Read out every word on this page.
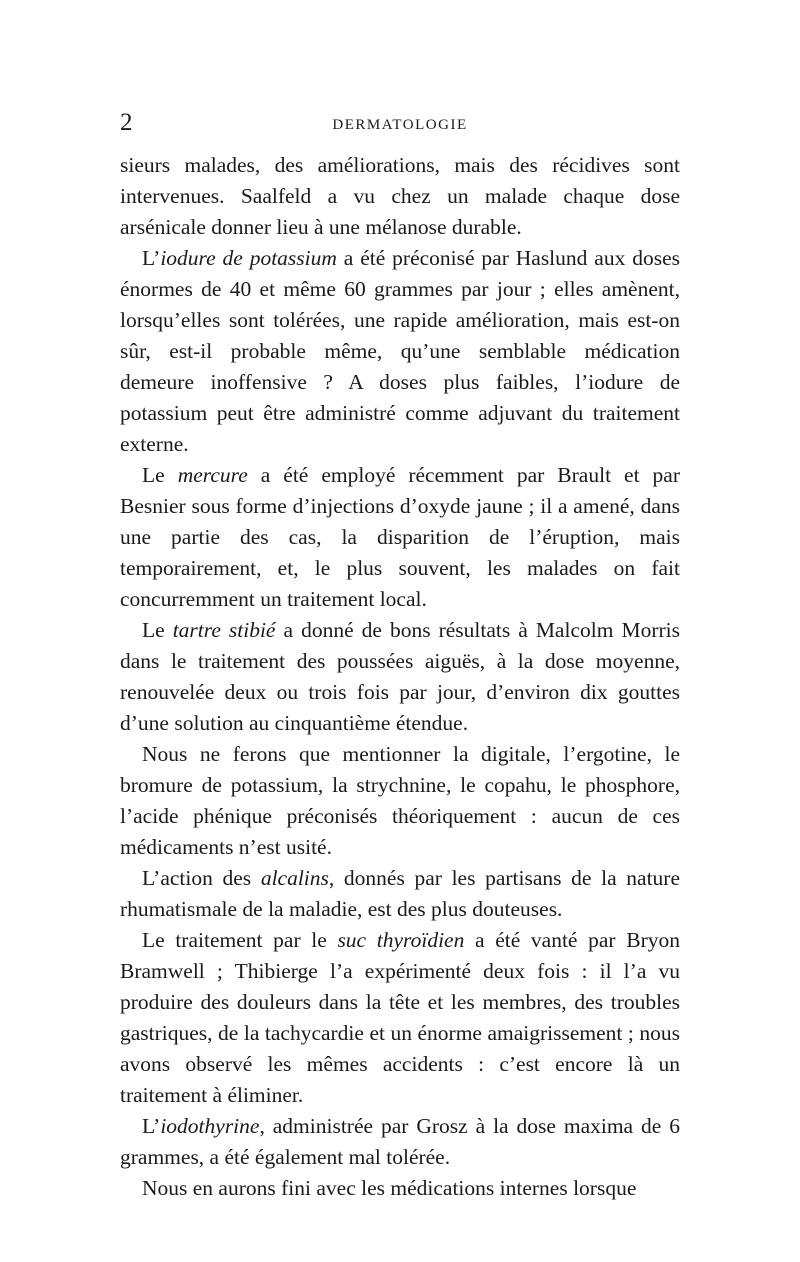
2	DERMATOLOGIE

sieurs malades, des améliorations, mais des récidives sont intervenues. Saalfeld a vu chez un malade chaque dose arsénicale donner lieu à une mélanose durable.

L’iodure de potassium a été préconisé par Haslund aux doses énormes de 40 et même 60 grammes par jour ; elles amènent, lorsqu’elles sont tolérées, une rapide amélioration, mais est-on sûr, est-il probable même, qu’une semblable médication demeure inoffensive ? A doses plus faibles, l’iodure de potassium peut être administré comme adjuvant du traitement externe.

Le mercure a été employé récemment par Brault et par Besnier sous forme d’injections d’oxyde jaune ; il a amené, dans une partie des cas, la disparition de l’éruption, mais temporairement, et, le plus souvent, les malades on fait concurremment un traitement local.

Le tartre stibié a donné de bons résultats à Malcolm Morris dans le traitement des poussées aiguës, à la dose moyenne, renouvelée deux ou trois fois par jour, d’environ dix gouttes d’une solution au cinquantième étendue.

Nous ne ferons que mentionner la digitale, l’ergotine, le bromure de potassium, la strychnine, le copahu, le phosphore, l’acide phénique préconisés théoriquement : aucun de ces médicaments n’est usité.

L’action des alcalins, donnés par les partisans de la nature rhumatismale de la maladie, est des plus douteuses.

Le traitement par le suc thyroïdien a été vanté par Bryon Bramwell ; Thibierge l’a expérimenté deux fois : il l’a vu produire des douleurs dans la tête et les membres, des troubles gastriques, de la tachycardie et un énorme amaigrissement ; nous avons observé les mêmes accidents : c’est encore là un traitement à éliminer.

L’iodothyrine, administrée par Grosz à la dose maxima de 6 grammes, a été également mal tolérée.

Nous en aurons fini avec les médications internes lorsque
